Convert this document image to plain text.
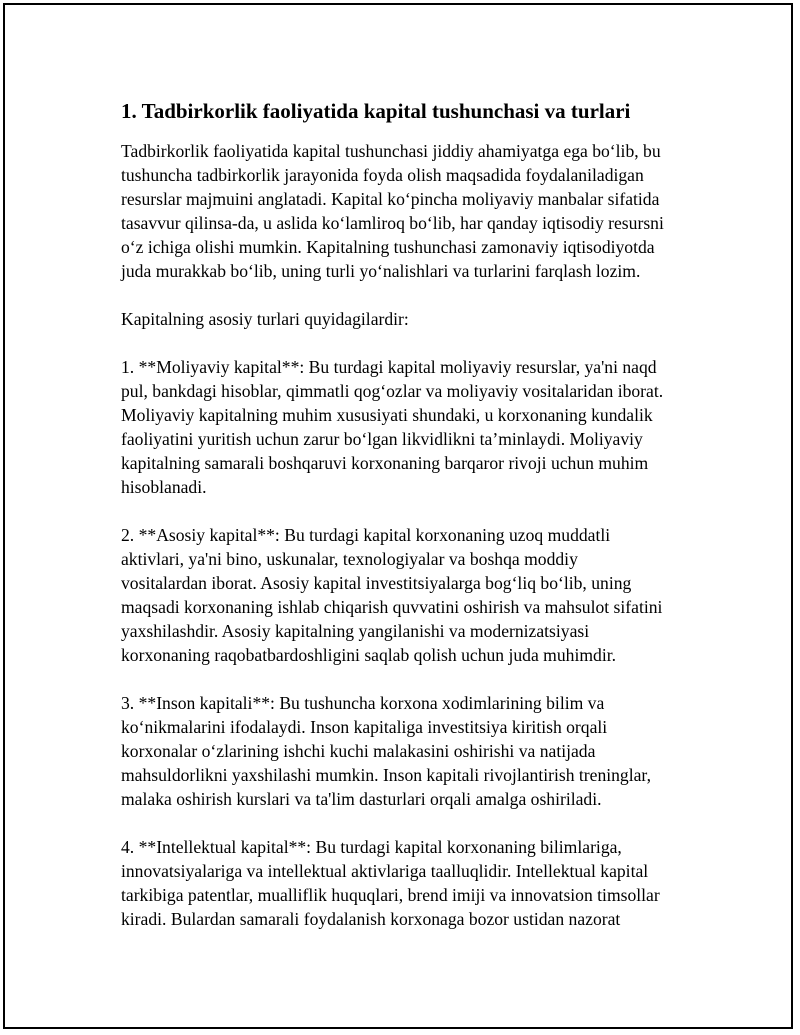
1. Tadbirkorlik faoliyatida kapital tushunchasi va turlari
Tadbirkorlik faoliyatida kapital tushunchasi jiddiy ahamiyatga ega bo‘lib, bu
tushuncha tadbirkorlik jarayonida foyda olish maqsadida foydalaniladigan
resurslar majmuini anglatadi. Kapital ko‘pincha moliyaviy manbalar sifatida
tasavvur qilinsa-da, u aslida ko‘lamliroq bo‘lib, har qanday iqtisodiy resursni
o‘z ichiga olishi mumkin. Kapitalning tushunchasi zamonaviy iqtisodiyotda
juda murakkab bo‘lib, uning turli yo‘nalishlari va turlarini farqlash lozim.
Kapitalning asosiy turlari quyidagilardir:
1. **Moliyaviy kapital**: Bu turdagi kapital moliyaviy resurslar, ya'ni naqd
pul, bankdagi hisoblar, qimmatli qog‘ozlar va moliyaviy vositalaridan iborat.
Moliyaviy kapitalning muhim xususiyati shundaki, u korxonaning kundalik
faoliyatini yuritish uchun zarur bo‘lgan likvidlikni ta’minlaydi. Moliyaviy
kapitalning samarali boshqaruvi korxonaning barqaror rivoji uchun muhim
hisoblanadi.
2. **Asosiy kapital**: Bu turdagi kapital korxonaning uzoq muddatli
aktivlari, ya'ni bino, uskunalar, texnologiyalar va boshqa moddiy
vositalardan iborat. Asosiy kapital investitsiyalarga bog‘liq bo‘lib, uning
maqsadi korxonaning ishlab chiqarish quvvatini oshirish va mahsulot sifatini
yaxshilashdir. Asosiy kapitalning yangilanishi va modernizatsiyasi
korxonaning raqobatbardoshligini saqlab qolish uchun juda muhimdir.
3. **Inson kapitali**: Bu tushuncha korxona xodimlarining bilim va
ko‘nikmalarini ifodalaydi. Inson kapitaliga investitsiya kiritish orqali
korxonalar o‘zlarining ishchi kuchi malakasini oshirishi va natijada
mahsuldorlikni yaxshilashi mumkin. Inson kapitali rivojlantirish treninglar,
malaka oshirish kurslari va ta'lim dasturlari orqali amalga oshiriladi.
4. **Intellektual kapital**: Bu turdagi kapital korxonaning bilimlariga,
innovatsiyalariga va intellektual aktivlariga taalluqlidir. Intellektual kapital
tarkibiga patentlar, mualliflik huquqlari, brend imiji va innovatsion timsollar
kiradi. Bulardan samarali foydalanish korxonaga bozor ustidan nazorat
